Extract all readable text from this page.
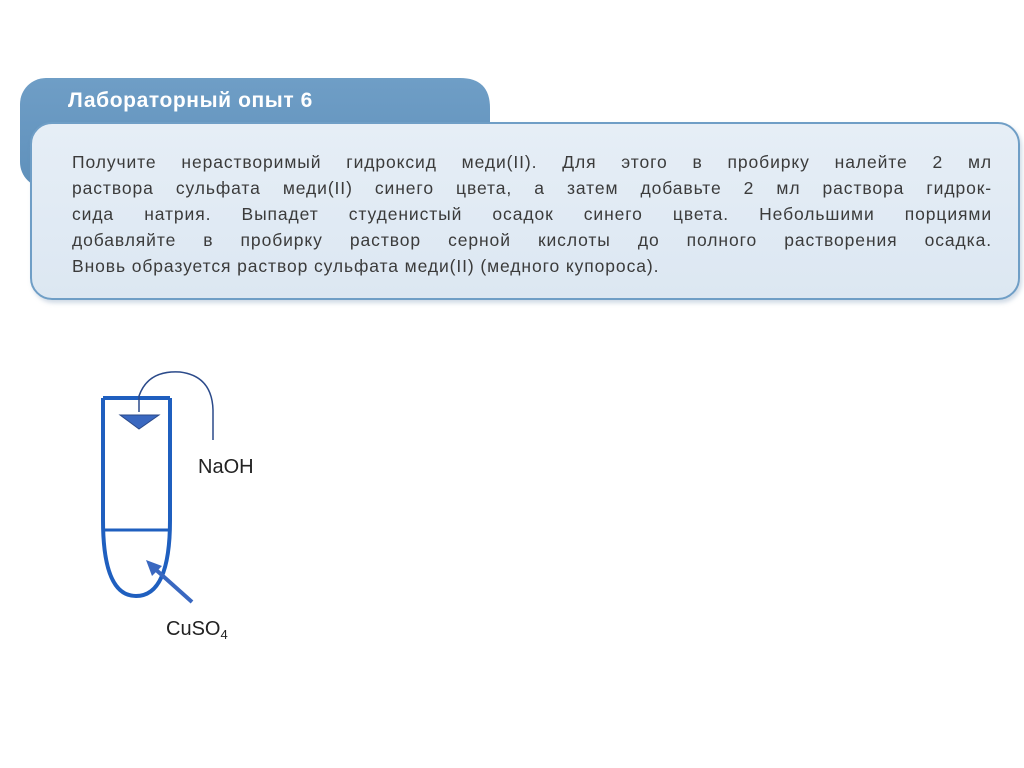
Лабораторный опыт 6

Получите нерастворимый гидроксид меди(II). Для этого в пробирку налейте 2 мл
раствора сульфата меди(II) синего цвета, а затем добавьте 2 мл раствора гидрок-
сида натрия. Выпадет студенистый осадок синего цвета. Небольшими порциями
добавляйте в пробирку раствор серной кислоты до полного растворения осадка.
Вновь образуется раствор сульфата меди(II) (медного купороса).

NaOH
CuSO$_4$
